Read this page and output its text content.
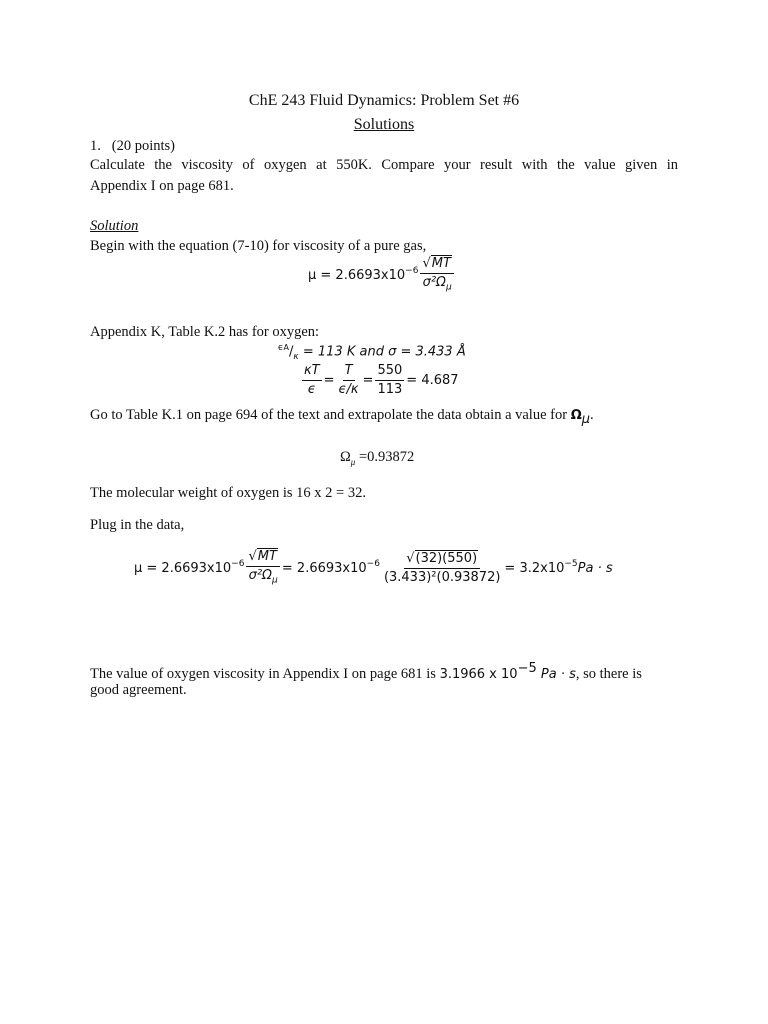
ChE 243 Fluid Dynamics: Problem Set #6
Solutions
1. (20 points)
Calculate the viscosity of oxygen at 550K. Compare your result with the value given in
Appendix I on page 681.
Solution
Begin with the equation (7-10) for viscosity of a pure gas,
$\mu = 2.6693x10^{-6} \frac{√MT}{\sigma^2\Omega_\mu}$
Appendix K, Table K.2 has for oxygen:
$^{\epsilon A}/_\kappa = 113$ K and σ = 3.433 Å
$\frac{\kappa T}{\epsilon} = \frac{T}{\epsilon/\kappa} = \frac{550}{113} = 4.687$
Go to Table K.1 on page 694 of the text and extrapolate the data obtain a value for $\Omega_\mu$.
$\Omega_\mu =0.93872$
The molecular weight of oxygen is 16 x 2 = 32.
Plug in the data,
$\mu = 2.6693x10^{-6} \frac{√MT}{\sigma^2\Omega_\mu} = 2.6693x10^{-6} \frac{√(32)(550)}{\text{(3.433)²(0.93872)}} = 3.2x10^{-5}$ Pa · s
The value of oxygen viscosity in Appendix I on page 681 is 3.1966 x $10^{-5}$ Pa · s, so there is
good agreement.
